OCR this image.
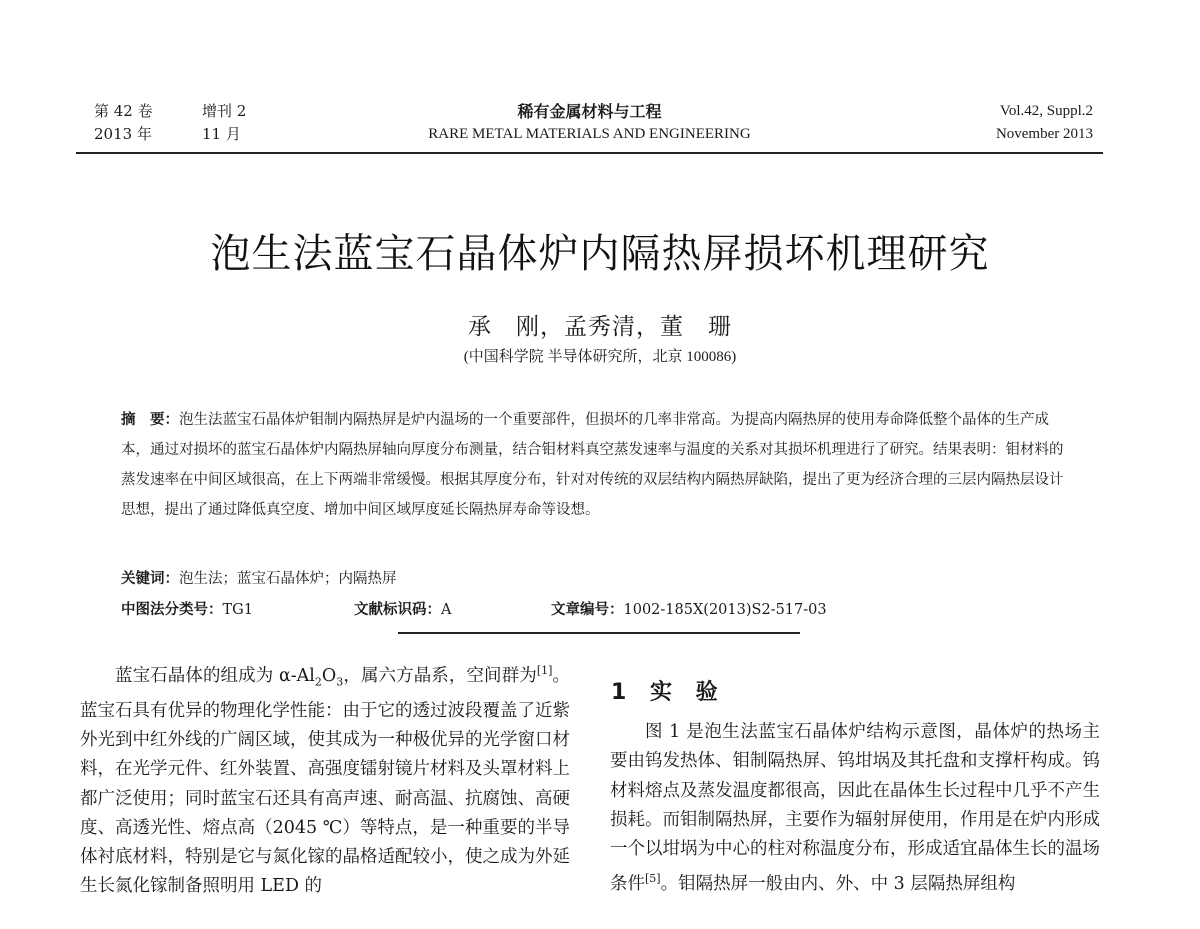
第 42 卷
2013 年
增刊 2
11 月
稀有金属材料与工程
RARE METAL MATERIALS AND ENGINEERING
Vol.42, Suppl.2
November 2013
泡生法蓝宝石晶体炉内隔热屏损坏机理研究
承　刚，孟秀清，董　珊
(中国科学院 半导体研究所，北京 100086)
摘　要：泡生法蓝宝石晶体炉钼制内隔热屏是炉内温场的一个重要部件，但损坏的几率非常高。为提高内隔热屏的使用寿命降低整个晶体的生产成本，通过对损坏的蓝宝石晶体炉内隔热屏轴向厚度分布测量，结合钼材料真空蒸发速率与温度的关系对其损坏机理进行了研究。结果表明：钼材料的蒸发速率在中间区域很高，在上下两端非常缓慢。根据其厚度分布，针对对传统的双层结构内隔热屏缺陷，提出了更为经济合理的三层内隔热层设计思想，提出了通过降低真空度、增加中间区域厚度延长隔热屏寿命等设想。
关键词：泡生法；蓝宝石晶体炉；内隔热屏
中图法分类号：TG1	文献标识码：A	文章编号：1002-185X(2013)S2-517-03

蓝宝石晶体的组成为 $\alpha-Al_2O_3$，属六方晶系，空间群为[1]。蓝宝石具有优异的物理化学性能：由于它的透过波段覆盖了近紫外光到中红外线的广阔区域，使其成为一种极优异的光学窗口材料，在光学元件、红外装置、高强度镭射镜片材料及头罩材料上都广泛使用；同时蓝宝石还具有高声速、耐高温、抗腐蚀、高硬度、高透光性、熔点高（2045 ℃）等特点，是一种重要的半导体衬底材料，特别是它与氮化镓的晶格适配较小，使之成为外延生长氮化镓制备照明用 LED 的

1 实 验

图 1 是泡生法蓝宝石晶体炉结构示意图，晶体炉的热场主要由钨发热体、钼制隔热屏、钨坩埚及其托盘和支撑杆构成。钨材料熔点及蒸发温度都很高，因此在晶体生长过程中几乎不产生损耗。而钼制隔热屏，主要作为辐射屏使用，作用是在炉内形成一个以坩埚为中心的柱对称温度分布，形成适宜晶体生长的温场条件[5]。钼隔热屏一般由内、外、中 3 层隔热屏组构
